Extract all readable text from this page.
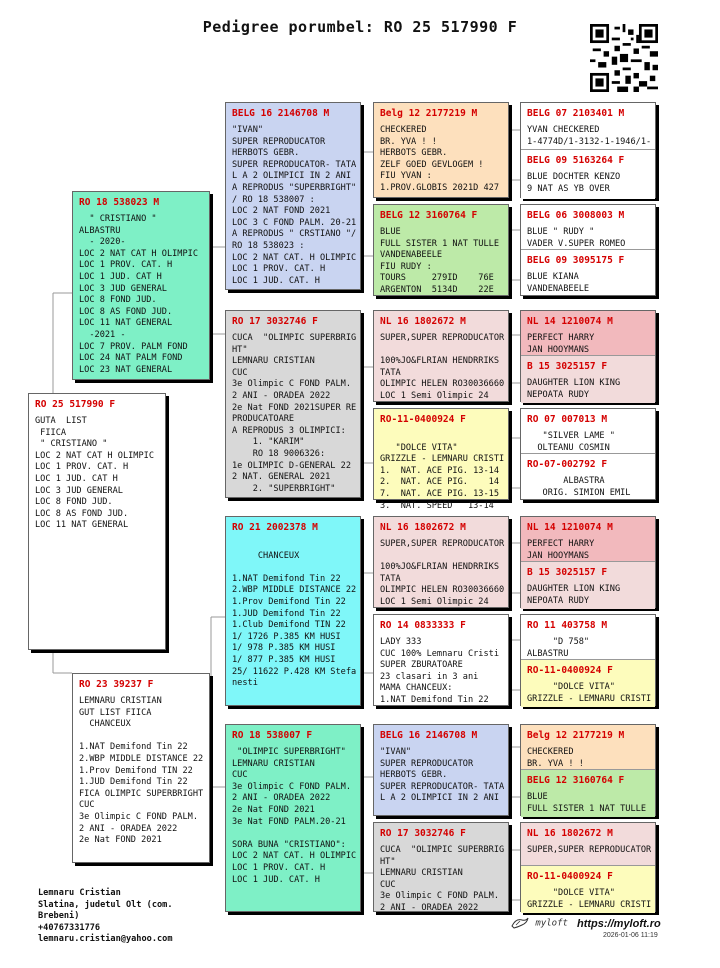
Pedigree porumbel: RO 25 517990 F
RO 25 517990 F
GUTA  LIST
FIICA
" CRISTIANO "
LOC 2 NAT CAT H OLIMPIC
LOC 1 PROV. CAT. H
LOC 1 JUD. CAT H
LOC 3 JUD GENERAL
LOC 8 FOND JUD.
LOC 8 AS FOND JUD.
LOC 11 NAT GENERAL
RO 18 538023 M
" CRISTIANO "
ALBASTRU
- 2020-
LOC 2 NAT CAT H OLIMPIC
LOC 1 PROV. CAT. H
LOC 1 JUD. CAT H
LOC 3 JUD GENERAL
LOC 8 FOND JUD.
LOC 8 AS FOND JUD.
LOC 11 NAT GENERAL
-2021 -
LOC 7 PROV. PALM FOND
LOC 24 NAT PALM FOND
LOC 23 NAT GENERAL
RO 23 39237 F
LEMNARU CRISTIAN
GUT LIST FIICA
CHANCEUX

1.NAT Demifond Tin 22
2.WBP MIDDLE DISTANCE 22
1.Prov Demifond TIN 22
1.JUD Demifond Tin 22
FICA OLIMPIC SUPERBRIGHT
CUC
3e Olimpic C FOND PALM.
2 ANI - ORADEA 2022
2e Nat FOND 2021
BELG 16 2146708 M
"IVAN"
SUPER REPRODUCATOR
HERBOTS GEBR.
SUPER REPRODUCATOR- TATA
L A 2 OLIMPICI IN 2 ANI
A REPRODUS "SUPERBRIGHT"
/ RO 18 538007 :
LOC 2 NAT FOND 2021
LOC 3 C FOND PALM. 20-21
A REPRODUS " CRSTIANO "/
RO 18 538023 :
LOC 2 NAT CAT. H OLIMPIC
LOC 1 PROV. CAT. H
LOC 1 JUD. CAT. H
RO 17 3032746 F
CUCA  "OLIMPIC SUPERBRIG
HT"
LEMNARU CRISTIAN
CUC
3e Olimpic C FOND PALM.
2 ANI - ORADEA 2022
2e Nat FOND 2021SUPER RE
PRODUCATOARE
A REPRODUS 3 OLIMPICI:
1. "KARIM"
RO 18 9006326:
1e OLIMPIC D-GENERAL 22
2 NAT. GENERAL 2021
2. "SUPERBRIGHT"
RO 21 2002378 M

CHANCEUX

1.NAT Demifond Tin 22
2.WBP MIDDLE DISTANCE 22
1.Prov Demifond Tin 22
1.JUD Demifond Tin 22
1.Club Demifond TIN 22
1/ 1726 P.385 KM HUSI
1/ 978 P.385 KM HUSI
1/ 877 P.385 KM HUSI
25/ 11622 P.428 KM Stefa
nesti
RO 18 538007 F
"OLIMPIC SUPERBRIGHT"
LEMNARU CRISTIAN
CUC
3e Olimpic C FOND PALM.
2 ANI - ORADEA 2022
2e Nat FOND 2021
3e Nat FOND PALM.20-21

SORA BUNA "CRISTIANO":
LOC 2 NAT CAT. H OLIMPIC
LOC 1 PROV. CAT. H
LOC 1 JUD. CAT. H
Belg 12 2177219 M
CHECKERED
BR. YVA ! !
HERBOTS GEBR.
ZELF GOED GEVLOGEM !
FIU YVAN :
1.PROV.GLOBIS 2021D 427
BELG 12 3160764 F
BLUE
FULL SISTER 1 NAT TULLE
VANDENABEELE
FIU RUDY :
TOURS     279ID    76E
ARGENTON  5134D    22E
NL 16 1802672 M
SUPER,SUPER REPRODUCATOR

100%JO&FLRIAN HENDRRIKS
TATA
OLIMPIC HELEN RO30036660
LOC 1 Semi Olimpic 24
RO-11-0400924 F

"DOLCE VITA"
GRIZZLE - LEMNARU CRISTI
1.  NAT. ACE PIG. 13-14
2.  NAT. ACE PIG.    14
7.  NAT. ACE PIG. 13-15
3.  NAT. SPEED   13-14
NL 16 1802672 M
SUPER,SUPER REPRODUCATOR

100%JO&FLRIAN HENDRRIKS
TATA
OLIMPIC HELEN RO30036660
LOC 1 Semi Olimpic 24
RO 14 0833333 F
LADY 333
CUC 100% Lemnaru Cristi
SUPER ZBURATOARE
23 clasari in 3 ani
MAMA CHANCEUX:
1.NAT Demifond Tin 22
BELG 16 2146708 M
"IVAN"
SUPER REPRODUCATOR
HERBOTS GEBR.
SUPER REPRODUCATOR- TATA
L A 2 OLIMPICI IN 2 ANI
RO 17 3032746 F
CUCA  "OLIMPIC SUPERBRIG
HT"
LEMNARU CRISTIAN
CUC
3e Olimpic C FOND PALM.
2 ANI - ORADEA 2022
BELG 07 2103401 M
YVAN CHECKERED
1-4774D/1-3132-1-1946/1-
BELG 09 5163264 F
BLUE DOCHTER KENZO
9 NAT AS YB OVER
BELG 06 3008003 M
BLUE " RUDY "
VADER V.SUPER ROMEO
BELG 09 3095175 F
BLUE KIANA
VANDENABEELE
NL 14 1210074 M
PERFECT HARRY
JAN HOOYMANS
B 15 3025157 F
DAUGHTER LION KING
NEPOATA RUDY
RO 07 007013 M
"SILVER LAME "
OLTEANU COSMIN
RO-07-002792 F
ALBASTRA
ORIG. SIMION EMIL
NL 14 1210074 M
PERFECT HARRY
JAN HOOYMANS
B 15 3025157 F
DAUGHTER LION KING
NEPOATA RUDY
RO 11 403758 M
"D 758"
ALBASTRU
RO-11-0400924 F
"DOLCE VITA"
GRIZZLE - LEMNARU CRISTI
Belg 12 2177219 M
CHECKERED
BR. YVA ! !
BELG 12 3160764 F
BLUE
FULL SISTER 1 NAT TULLE
NL 16 1802672 M
SUPER,SUPER REPRODUCATOR
RO-11-0400924 F
"DOLCE VITA"
GRIZZLE - LEMNARU CRISTI
Lemnaru Cristian
Slatina, judetul Olt (com.
Brebeni)
+40767331776
lemnaru.cristian@yahoo.com
myloft https://myloft.ro
2026-01-06 11:19
